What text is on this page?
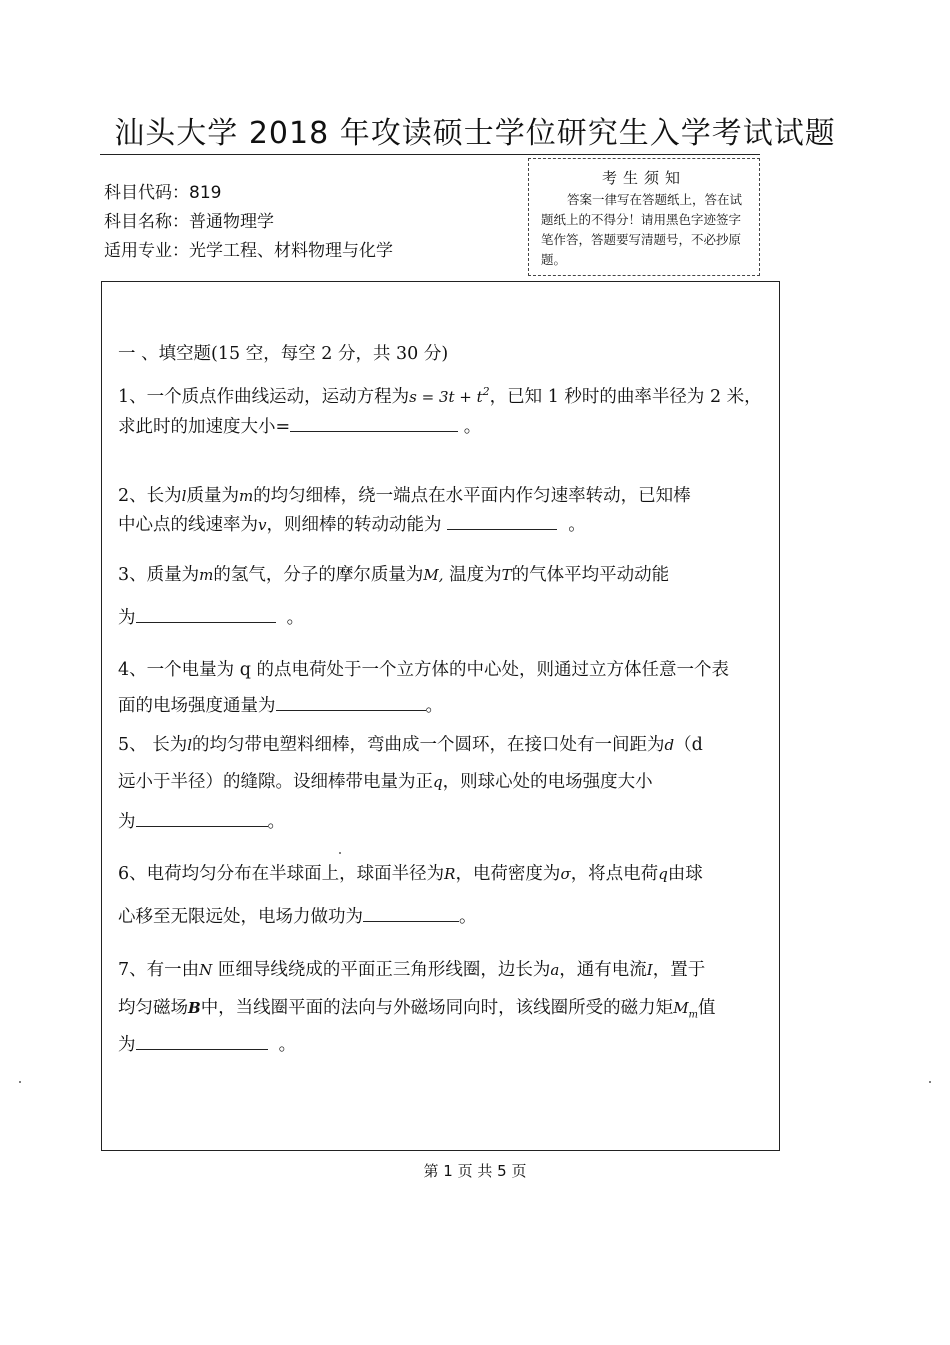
汕头大学 2018 年攻读硕士学位研究生入学考试试题
科目代码：819
科目名称：普通物理学
适用专业：光学工程、材料物理与化学
考生须知
答案一律写在答题纸上，答在试题纸上的不得分！请用黑色字迹签字笔作答，答题要写清题号，不必抄原题。
一 、填空题(15 空，每空 2 分，共 30 分)
1、一个质点作曲线运动，运动方程为$s = 3t + t^2$，已知 1 秒时的曲率半径为 2 米，
求此时的加速度大小=	。
2、长为l质量为m的均匀细棒，绕一端点在水平面内作匀速率转动，已知棒
中心点的线速率为v，则细棒的转动动能为	。
3、质量为m的氢气，分子的摩尔质量为M, 温度为T的气体平均平动动能
为	。
4、一个电量为 q 的点电荷处于一个立方体的中心处，则通过立方体任意一个表
面的电场强度通量为	。
5、 长为l的均匀带电塑料细棒，弯曲成一个圆环，在接口处有一间距为d（d
远小于半径）的缝隙。设细棒带电量为正q，则球心处的电场强度大小
为	。
6、电荷均匀分布在半球面上，球面半径为R，电荷密度为σ，将点电荷q由球
心移至无限远处，电场力做功为	。
7、有一由N 匝细导线绕成的平面正三角形线圈，边长为a，通有电流I，置于
均匀磁场B中，当线圈平面的法向与外磁场同向时，该线圈所受的磁力矩$M_m$值
为	。
第 1 页 共 5 页
